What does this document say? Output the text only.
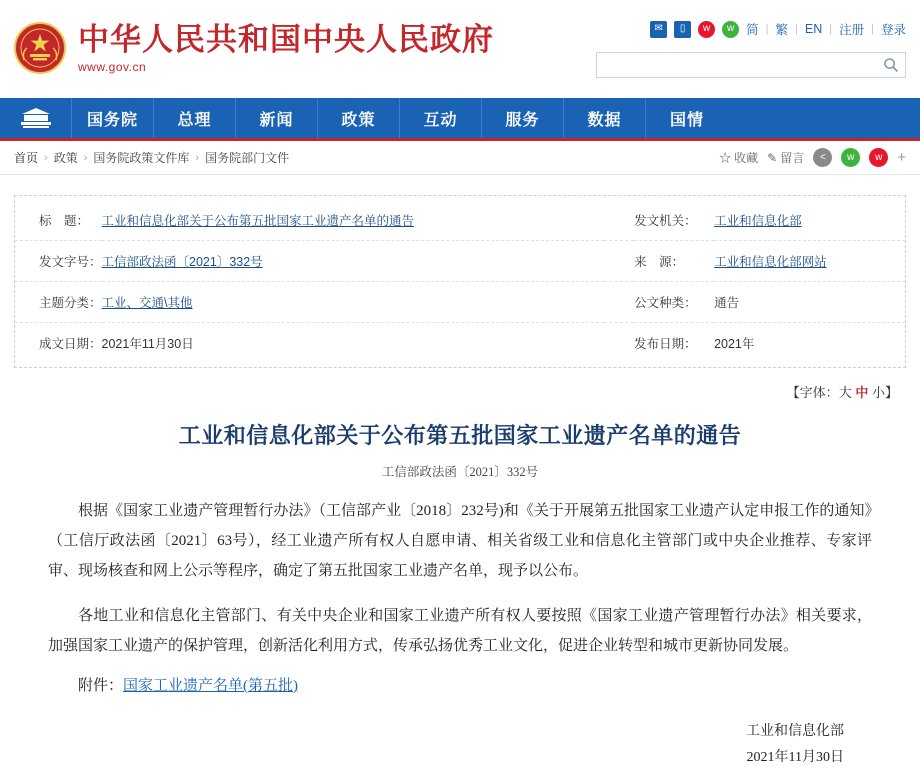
中华人民共和国中央人民政府
www.gov.cn
✉	▯	w	w 简 | 繁 | EN | 注册 | 登录
国务院	总理	新闻	政策	互动	服务	数据	国情
首页 › 政策 › 国务院政策文件库 › 国务院部门文件	☆ 收藏 ✎ 留言	<	w	w +
标　题：	工业和信息化部关于公布第五批国家工业遗产名单的通告		发文机关：	工业和信息化部
发文字号：	工信部政法函〔2021〕332号		来　源：	工业和信息化部网站
主题分类：	工业、交通\其他		公文种类：	通告
成文日期：	2021年11月30日		发布日期：	2021年
【字体：大 中 小】
工业和信息化部关于公布第五批国家工业遗产名单的通告
工信部政法函〔2021〕332号

根据《国家工业遗产管理暂行办法》（工信部产业〔2018〕232号)和《关于开展第五批国家工业遗产认定申报工作的通知》（工信厅政法函〔2021〕63号），经工业遗产所有权人自愿申请、相关省级工业和信息化主管部门或中央企业推荐、专家评审、现场核查和网上公示等程序，确定了第五批国家工业遗产名单，现予以公布。

各地工业和信息化主管部门、有关中央企业和国家工业遗产所有权人要按照《国家工业遗产管理暂行办法》相关要求，加强国家工业遗产的保护管理，创新活化利用方式，传承弘扬优秀工业文化，促进企业转型和城市更新协同发展。

附件：国家工业遗产名单(第五批)
工业和信息化部
2021年11月30日
